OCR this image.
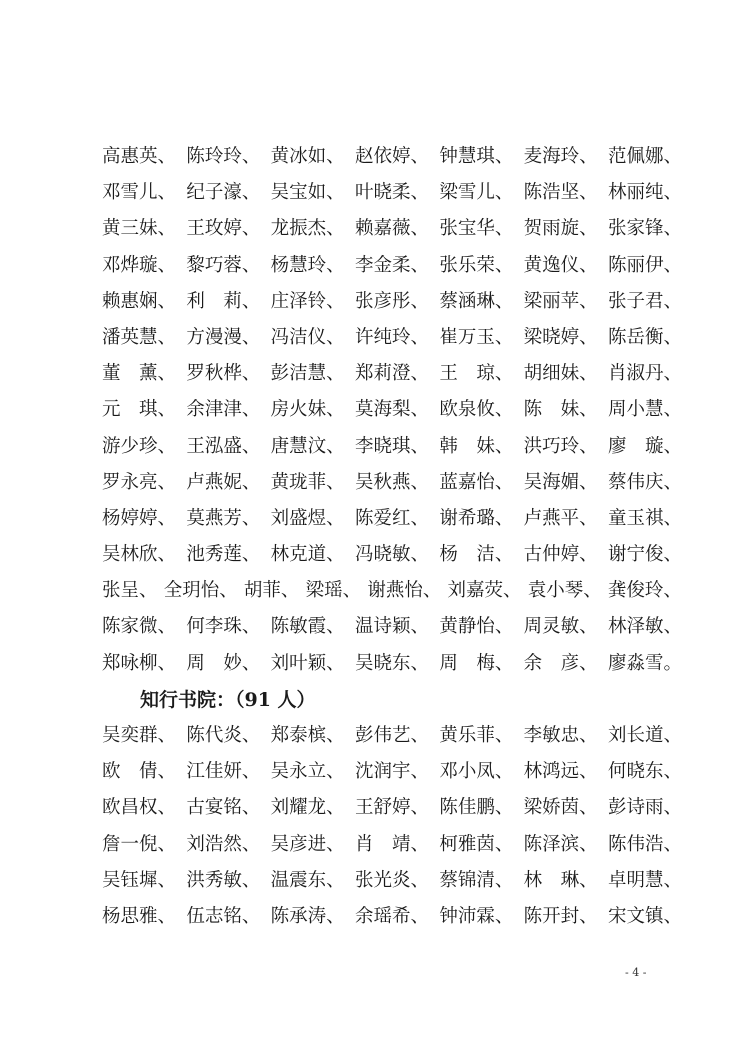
高惠英、 陈玲玲、 黄冰如、 赵依婷、 钟慧琪、 麦海玲、 范佩娜、
邓雪儿、 纪子濠、 吴宝如、 叶晓柔、 梁雪儿、 陈浩坚、 林丽纯、
黄三妹、 王玫婷、 龙振杰、 赖嘉薇、 张宝华、 贺雨旋、 张家锋、
邓烨璇、 黎巧蓉、 杨慧玲、 李金柔、 张乐荣、 黄逸仪、 陈丽伊、
赖惠娴、 利　莉、 庄泽铃、 张彦彤、 蔡涵琳、 梁丽苹、 张子君、
潘英慧、 方漫漫、 冯洁仪、 许纯玲、 崔万玉、 梁晓婷、 陈岳衡、
董　薰、 罗秋桦、 彭洁慧、 郑莉澄、 王　琼、 胡细妹、 肖淑丹、
元　琪、 余津津、 房火妹、 莫海梨、 欧泉攸、 陈　妹、 周小慧、
游少珍、 王泓盛、 唐慧汶、 李晓琪、 韩　妹、 洪巧玲、 廖　璇、
罗永亮、 卢燕妮、 黄珑菲、 吴秋燕、 蓝嘉怡、 吴海媚、 蔡伟庆、
杨婷婷、 莫燕芳、 刘盛煜、 陈爱红、 谢希璐、 卢燕平、 童玉祺、
吴林欣、 池秀莲、 林克道、 冯晓敏、 杨　洁、 古仲婷、 谢宁俊、
张呈、 全玥怡、 胡菲、 梁瑶、 谢燕怡、 刘嘉荧、 袁小琴、 龚俊玲、
陈家微、 何李珠、 陈敏霞、 温诗颖、 黄静怡、 周灵敏、 林泽敏、
郑咏柳、 周　妙、 刘叶颖、 吴晓东、 周　梅、 余　彦、 廖淼雪。
知行书院：（91 人）
吴奕群、 陈代炎、 郑泰槟、 彭伟艺、 黄乐菲、 李敏忠、 刘长道、
欧　倩、 江佳妍、 吴永立、 沈润宇、 邓小凤、 林鸿远、 何晓东、
欧昌权、 古宴铭、 刘耀龙、 王舒婷、 陈佳鹏、 梁娇茵、 彭诗雨、
詹一倪、 刘浩然、 吴彦进、 肖　靖、 柯雅茵、 陈泽滨、 陈伟浩、
吴钰墀、 洪秀敏、 温震东、 张光炎、 蔡锦清、 林　琳、 卓明慧、
杨思雅、 伍志铭、 陈承涛、 余瑶希、 钟沛霖、 陈开封、 宋文镇、
- 4 -
